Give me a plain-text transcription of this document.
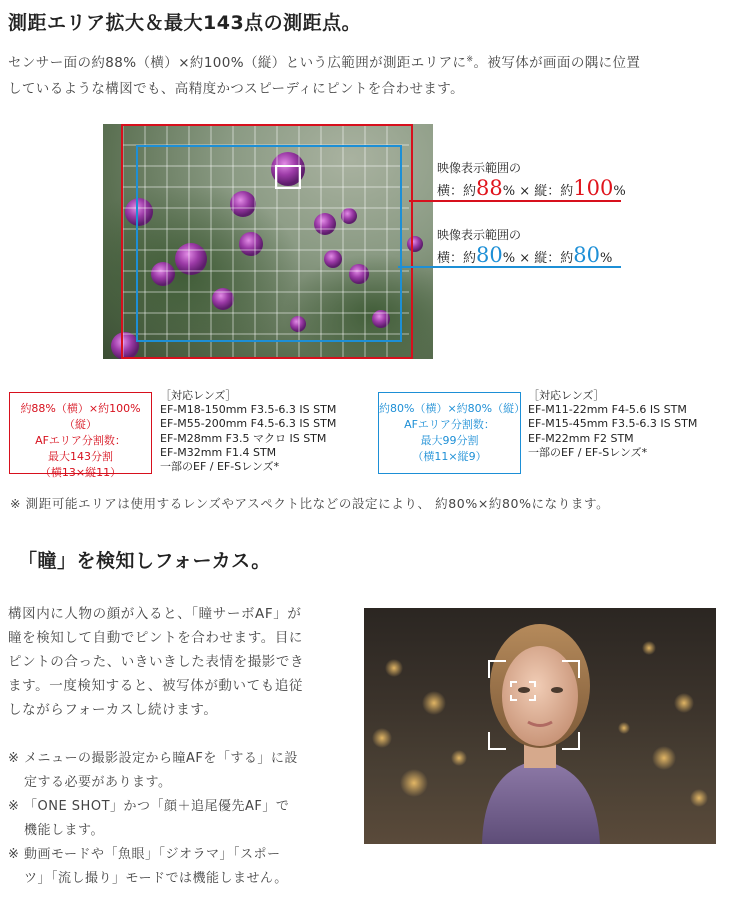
測距エリア拡大＆最大143点の測距点。
センサー面の約88%（横）×約100%（縦）という広範囲が測距エリアに※。被写体が画面の隅に位置
しているような構図でも、高精度かつスピーディにピントを合わせます。
映像表示範囲の
横：約88% × 縦：約100%
映像表示範囲の
横：約80% × 縦：約80%
約88%（横）×約100%（縦）
AFエリア分割数：
最大143分割
（横13×縦11）
［対応レンズ］
EF-M18-150mm F3.5-6.3 IS STM
EF-M55-200mm F4.5-6.3 IS STM
EF-M28mm F3.5 マクロ IS STM
EF-M32mm F1.4 STM
一部のEF / EF-Sレンズ*
約80%（横）×約80%（縦）
AFエリア分割数：
最大99分割
（横11×縦9）
［対応レンズ］
EF-M11-22mm F4-5.6 IS STM
EF-M15-45mm F3.5-6.3 IS STM
EF-M22mm F2 STM
一部のEF / EF-Sレンズ*
※ 測距可能エリアは使用するレンズやアスペクト比などの設定により、 約80%×約80%になります。
「瞳」を検知しフォーカス。
構図内に人物の顔が入ると、「瞳サーボAF」が
瞳を検知して自動でピントを合わせます。目に
ピントの合った、いきいきした表情を撮影でき
ます。一度検知すると、被写体が動いても追従
しながらフォーカスし続けます。
※ メニューの撮影設定から瞳AFを「する」に設
定する必要があります。
※ 「ONE SHOT」かつ「顔＋追尾優先AF」で
機能します。
※ 動画モードや「魚眼」「ジオラマ」「スポー
ツ」「流し撮り」モードでは機能しません。
